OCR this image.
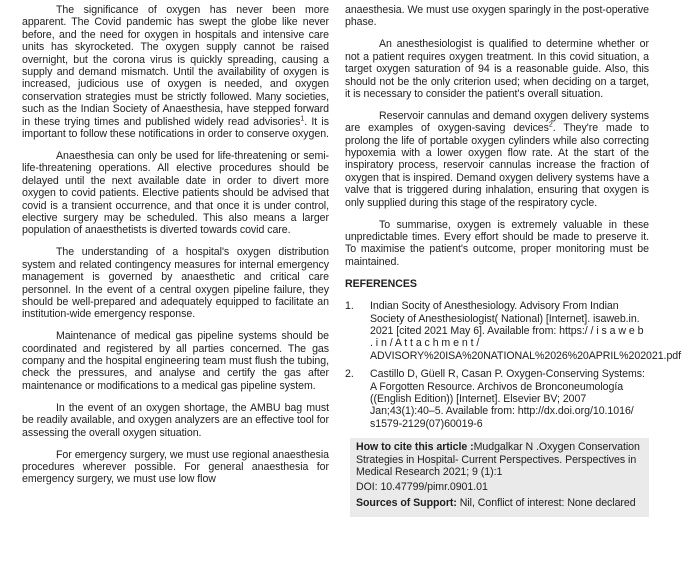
The significance of oxygen has never been more apparent. The Covid pandemic has swept the globe like never before, and the need for oxygen in hospitals and intensive care units has skyrocketed. The oxygen supply cannot be raised overnight, but the corona virus is quickly spreading, causing a supply and demand mismatch. Until the availability of oxygen is increased, judicious use of oxygen is needed, and oxygen conservation strategies must be strictly followed. Many societies, such as the Indian Society of Anaesthesia, have stepped forward in these trying times and published widely read advisories$^1$. It is important to follow these notifications in order to conserve oxygen.

Anaesthesia can only be used for life-threatening or semi-life-threatening operations. All elective procedures should be delayed until the next available date in order to divert more oxygen to covid patients. Elective patients should be advised that covid is a transient occurrence, and that once it is under control, elective surgery may be scheduled. This also means a larger population of anaesthetists is diverted towards covid care.

The understanding of a hospital's oxygen distribution system and related contingency measures for internal emergency management is governed by anaesthetic and critical care personnel. In the event of a central oxygen pipeline failure, they should be well-prepared and adequately equipped to facilitate an institution-wide emergency response.

Maintenance of medical gas pipeline systems should be coordinated and registered by all parties concerned. The gas company and the hospital engineering team must flush the tubing, check the pressures, and analyse and certify the gas after maintenance or modifications to a medical gas pipeline system.

In the event of an oxygen shortage, the AMBU bag must be readily available, and oxygen analyzers are an effective tool for assessing the overall oxygen situation.

For emergency surgery, we must use regional anaesthesia procedures wherever possible. For general anaesthesia for emergency surgery, we must use low flow

anaesthesia. We must use oxygen sparingly in the post-operative phase.

An anesthesiologist is qualified to determine whether or not a patient requires oxygen treatment. In this covid situation, a target oxygen saturation of 94 is a reasonable guide. Also, this should not be the only criterion used; when deciding on a target, it is necessary to consider the patient's overall situation.

Reservoir cannulas and demand oxygen delivery systems are examples of oxygen-saving devices$^2$. They're made to prolong the life of portable oxygen cylinders while also correcting hypoxemia with a lower oxygen flow rate. At the start of the inspiratory process, reservoir cannulas increase the fraction of oxygen that is inspired. Demand oxygen delivery systems have a valve that is triggered during inhalation, ensuring that oxygen is only supplied during this stage of the respiratory cycle.

To summarise, oxygen is extremely valuable in these unpredictable times. Every effort should be made to preserve it. To maximise the patient's outcome, proper monitoring must be maintained.

REFERENCES
1. Indian Socity of Anesthesiology. Advisory From Indian Society of Anesthesiologist( National) [Internet]. isaweb.in. 2021 [cited 2021 May 6]. Available from: https:/ / i s a w e b . i n / A t t a c h m e n t / ADVISORY%20ISA%20NATIONAL%2026%20APRIL%202021.pdf
2. Castillo D, Güell R, Casan P. Oxygen-Conserving Systems: A Forgotten Resource. Archivos de Bronconeumología ((English Edition)) [Internet]. Elsevier BV; 2007 Jan;43(1):40–5. Available from: http://dx.doi.org/10.1016/ s1579-2129(07)60019-6
How to cite this article :Mudgalkar N .Oxygen Conservation Strategies in Hospital- Current Perspectives. Perspectives in Medical Research 2021; 9 (1):1
DOI: 10.47799/pimr.0901.01
Sources of Support: Nil, Conflict of interest: None declared
